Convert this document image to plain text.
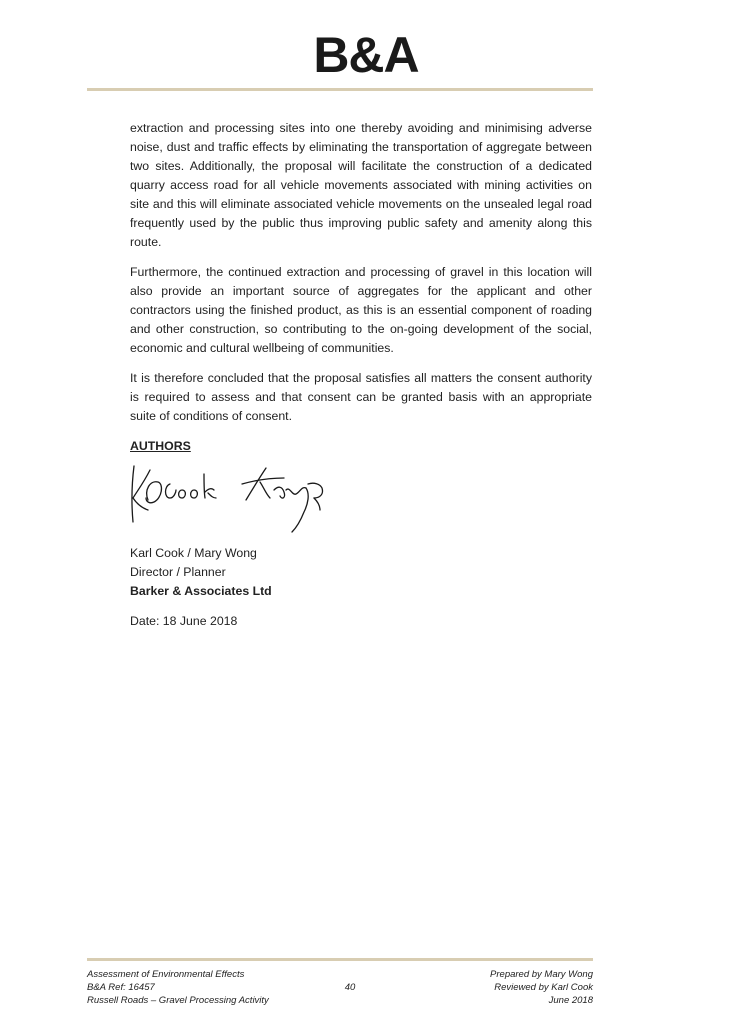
B&A

extraction and processing sites into one thereby avoiding and minimising adverse noise, dust and traffic effects by eliminating the transportation of aggregate between two sites. Additionally, the proposal will facilitate the construction of a dedicated quarry access road for all vehicle movements associated with mining activities on site and this will eliminate associated vehicle movements on the unsealed legal road frequently used by the public thus improving public safety and amenity along this route.

Furthermore, the continued extraction and processing of gravel in this location will also provide an important source of aggregates for the applicant and other contractors using the finished product, as this is an essential component of roading and other construction, so contributing to the on-going development of the social, economic and cultural wellbeing of communities.

It is therefore concluded that the proposal satisfies all matters the consent authority is required to assess and that consent can be granted basis with an appropriate suite of conditions of consent.

AUTHORS

Karl Cook / Mary Wong

Director / Planner

Barker & Associates Ltd

Date: 18 June 2018

Assessment of Environmental Effects

B&A Ref: 16457

Russell Roads – Gravel Processing Activity

40

Prepared by Mary Wong

Reviewed by Karl Cook

June 2018
